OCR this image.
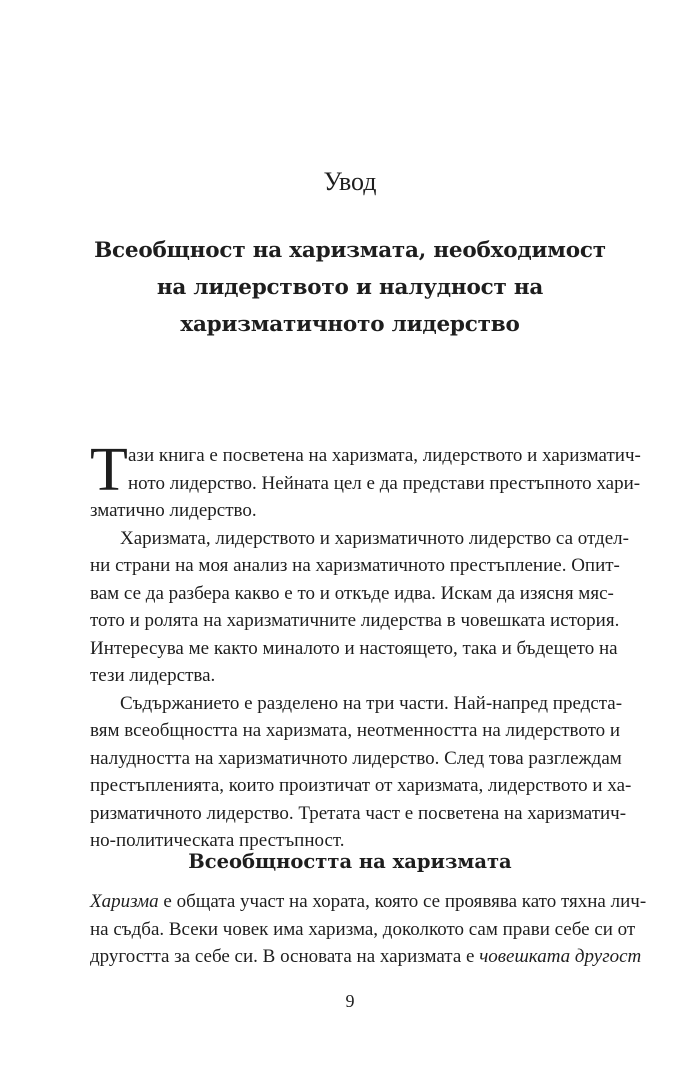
Увод
Всеобщност на харизмата, необходимост
на лидерството и налудност на
харизматичното лидерство
Т ази книга е посветена на харизмата, лидерството и харизматич-
ното лидерство. Нейната цел е да представи престъпното хари-
зматично лидерство.
Харизмата, лидерството и харизматичното лидерство са отдел-
ни страни на моя анализ на харизматичното престъпление. Опит-
вам се да разбера какво е то и откъде идва. Искам да изясня мяс-
тото и ролята на харизматичните лидерства в човешката история.
Интересува ме както миналото и настоящето, така и бъдещето на
тези лидерства.
Съдържанието е разделено на три части. Най-напред предста-
вям всеобщността на харизмата, неотменността на лидерството и
налудността на харизматичното лидерство. След това разглеждам
престъпленията, които произтичат от харизмата, лидерството и ха-
ризматичното лидерство. Третата част е посветена на харизматич-
но-политическата престъпност.
Всеобщността на харизмата
Харизма е общата участ на хората, която се проявява като тяхна лич-
на съдба. Всеки човек има харизма, доколкото сам прави себе си от
другостта за себе си. В основата на харизмата е човешката другост
9
